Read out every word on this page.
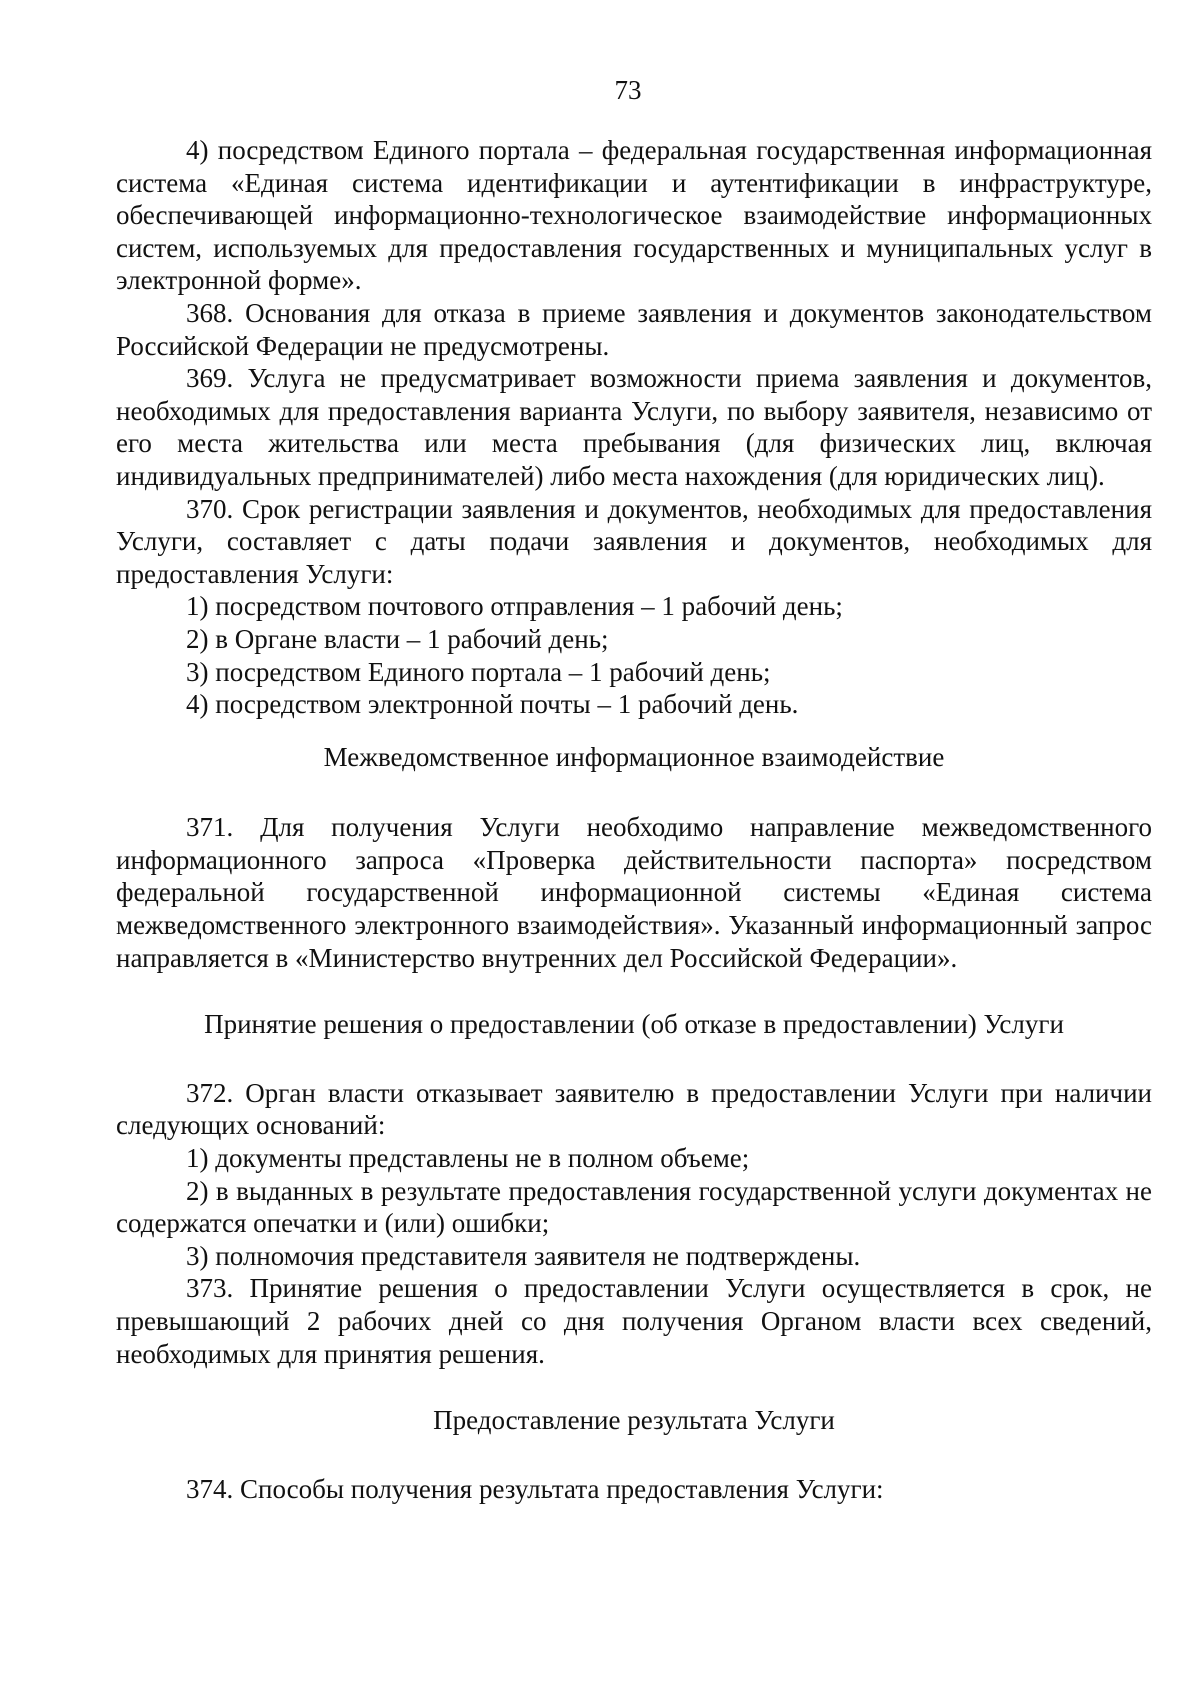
73

4) посредством Единого портала – федеральная государственная информационная система «Единая система идентификации и аутентификации в инфраструктуре, обеспечивающей информационно-технологическое взаимодействие информационных систем, используемых для предоставления государственных и муниципальных услуг в электронной форме».

368. Основания для отказа в приеме заявления и документов законодательством Российской Федерации не предусмотрены.

369. Услуга не предусматривает возможности приема заявления и документов, необходимых для предоставления варианта Услуги, по выбору заявителя, независимо от его места жительства или места пребывания (для физических лиц, включая индивидуальных предпринимателей) либо места нахождения (для юридических лиц).

370. Срок регистрации заявления и документов, необходимых для предоставления Услуги, составляет с даты подачи заявления и документов, необходимых для предоставления Услуги:

1) посредством почтового отправления – 1 рабочий день;

2) в Органе власти – 1 рабочий день;

3) посредством Единого портала – 1 рабочий день;

4) посредством электронной почты – 1 рабочий день.

Межведомственное информационное взаимодействие

371. Для получения Услуги необходимо направление межведомственного информационного запроса «Проверка действительности паспорта» посредством федеральной государственной информационной системы «Единая система межведомственного электронного взаимодействия». Указанный информационный запрос направляется в «Министерство внутренних дел Российской Федерации».

Принятие решения о предоставлении (об отказе в предоставлении) Услуги

372. Орган власти отказывает заявителю в предоставлении Услуги при наличии следующих оснований:

1) документы представлены не в полном объеме;

2) в выданных в результате предоставления государственной услуги документах не содержатся опечатки и (или) ошибки;

3) полномочия представителя заявителя не подтверждены.

373. Принятие решения о предоставлении Услуги осуществляется в срок, не превышающий 2 рабочих дней со дня получения Органом власти всех сведений, необходимых для принятия решения.

Предоставление результата Услуги

374. Способы получения результата предоставления Услуги:
